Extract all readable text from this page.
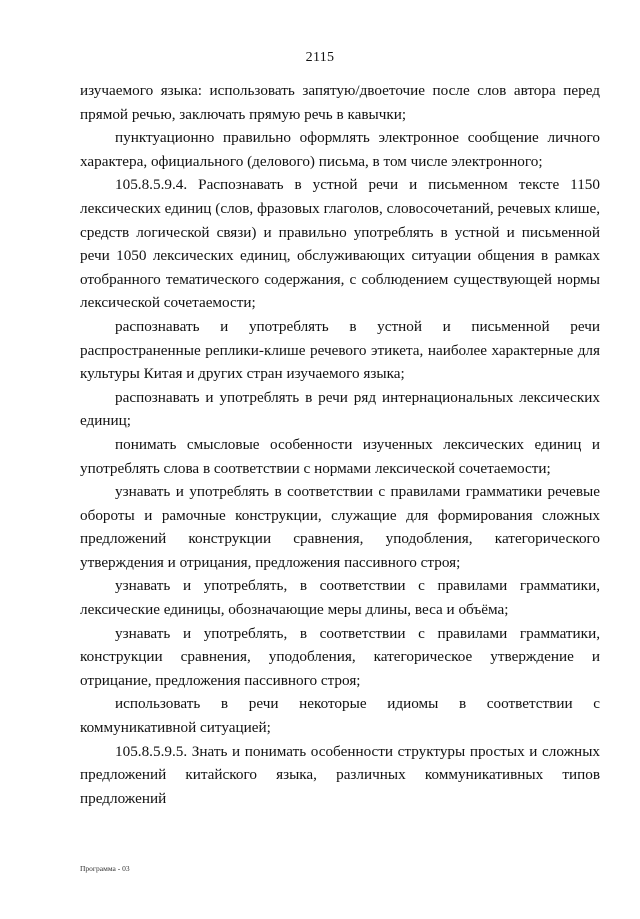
2115

изучаемого языка: использовать запятую/двоеточие после слов автора перед прямой речью, заключать прямую речь в кавычки;

пунктуационно правильно оформлять электронное сообщение личного характера, официального (делового) письма, в том числе электронного;

105.8.5.9.4. Распознавать в устной речи и письменном тексте 1150 лексических единиц (слов, фразовых глаголов, словосочетаний, речевых клише, средств логической связи) и правильно употреблять в устной и письменной речи 1050 лексических единиц, обслуживающих ситуации общения в рамках отобранного тематического содержания, с соблюдением существующей нормы лексической сочетаемости;

распознавать и употреблять в устной и письменной речи распространенные реплики-клише речевого этикета, наиболее характерные для культуры Китая и других стран изучаемого языка;

распознавать и употреблять в речи ряд интернациональных лексических единиц;

понимать смысловые особенности изученных лексических единиц и употреблять слова в соответствии с нормами лексической сочетаемости;

узнавать и употреблять в соответствии с правилами грамматики речевые обороты и рамочные конструкции, служащие для формирования сложных предложений конструкции сравнения, уподобления, категорического утверждения и отрицания, предложения пассивного строя;

узнавать и употреблять, в соответствии с правилами грамматики, лексические единицы, обозначающие меры длины, веса и объёма;

узнавать и употреблять, в соответствии с правилами грамматики, конструкции сравнения, уподобления, категорическое утверждение и отрицание, предложения пассивного строя;

использовать в речи некоторые идиомы в соответствии с коммуникативной ситуацией;

105.8.5.9.5. Знать и понимать особенности структуры простых и сложных предложений китайского языка, различных коммуникативных типов предложений

Программа - 03
